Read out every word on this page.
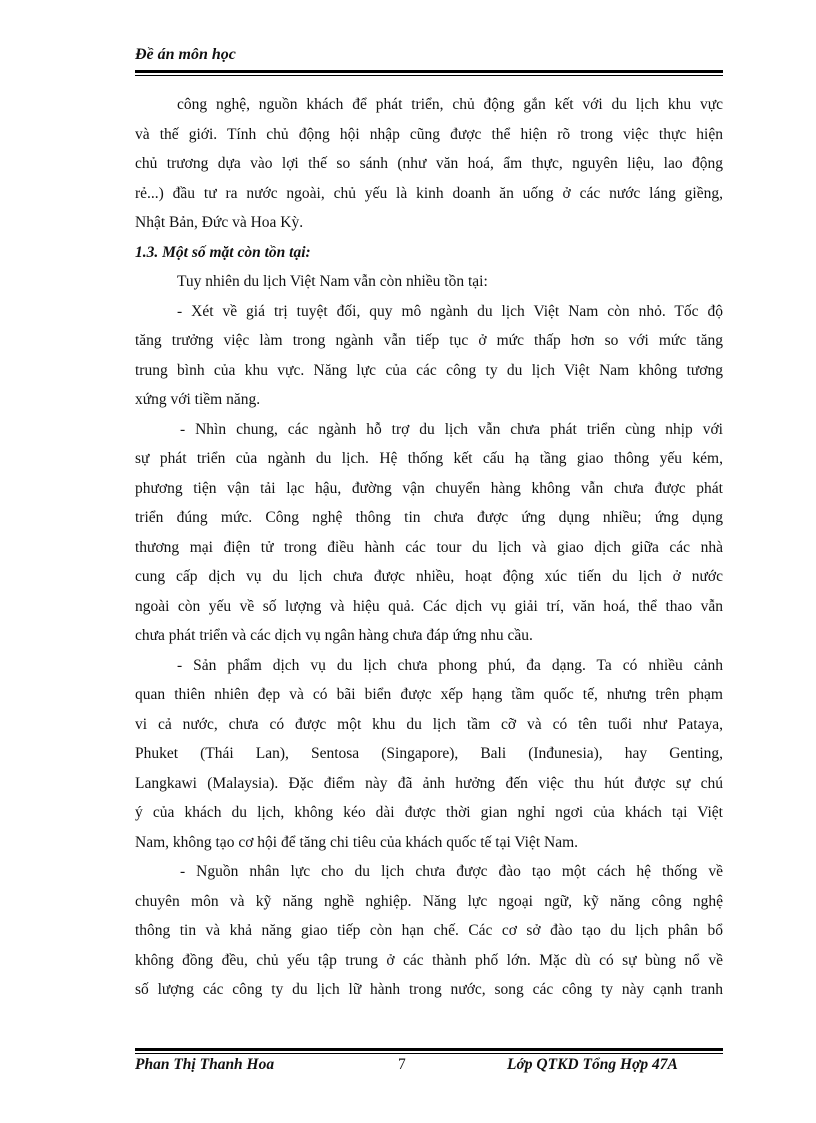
Đề án môn học
công nghệ, nguồn khách để phát triển, chủ động gắn kết với du lịch khu vực
và thế giới. Tính chủ động hội nhập cũng được thể hiện rõ trong việc thực hiện
chủ trương dựa vào lợi thế so sánh (như văn hoá, ẩm thực, nguyên liệu, lao động
rẻ...) đầu tư ra nước ngoài, chủ yếu là kinh doanh ăn uống ở các nước láng giềng,
Nhật Bản, Đức và Hoa Kỳ.
1.3. Một số mặt còn tồn tại:
Tuy nhiên du lịch Việt Nam vẫn còn nhiều tồn tại:
- Xét về giá trị tuyệt đối, quy mô ngành du lịch Việt Nam còn nhỏ. Tốc độ
tăng trưởng việc làm trong ngành vẫn tiếp tục ở mức thấp hơn so với mức tăng
trung bình của khu vực. Năng lực của các công ty du lịch Việt Nam không tương
xứng với tiềm năng.
- Nhìn chung, các ngành hỗ trợ du lịch vẫn chưa phát triển cùng nhịp với
sự phát triển của ngành du lịch. Hệ thống kết cấu hạ tầng giao thông yếu kém,
phương tiện vận tải lạc hậu, đường vận chuyển hàng không vẫn chưa được phát
triển đúng mức. Công nghệ thông tin chưa được ứng dụng nhiều; ứng dụng
thương mại điện tử trong điều hành các tour du lịch và giao dịch giữa các nhà
cung cấp dịch vụ du lịch chưa được nhiều, hoạt động xúc tiến du lịch ở nước
ngoài còn yếu về số lượng và hiệu quả. Các dịch vụ giải trí, văn hoá, thể thao vẫn
chưa phát triển và các dịch vụ ngân hàng chưa đáp ứng nhu cầu.
- Sản phẩm dịch vụ du lịch chưa phong phú, đa dạng. Ta có nhiều cảnh
quan thiên nhiên đẹp và có bãi biển được xếp hạng tầm quốc tế, nhưng trên phạm
vi cả nước, chưa có được một khu du lịch tầm cỡ và có tên tuổi như Pataya,
Phuket (Thái Lan), Sentosa (Singapore), Bali (Inđunesia), hay Genting,
Langkawi (Malaysia). Đặc điểm này đã ảnh hưởng đến việc thu hút được sự chú
ý của khách du lịch, không kéo dài được thời gian nghỉ ngơi của khách tại Việt
Nam, không tạo cơ hội để tăng chi tiêu của khách quốc tế tại Việt Nam.
- Nguồn nhân lực cho du lịch chưa được đào tạo một cách hệ thống về
chuyên môn và kỹ năng nghề nghiệp. Năng lực ngoại ngữ, kỹ năng công nghệ
thông tin và khả năng giao tiếp còn hạn chế. Các cơ sở đào tạo du lịch phân bổ
không đồng đều, chủ yếu tập trung ở các thành phố lớn. Mặc dù có sự bùng nổ về
số lượng các công ty du lịch lữ hành trong nước, song các công ty này cạnh tranh
Phan Thị Thanh Hoa	7	Lớp QTKD Tổng Hợp 47A
